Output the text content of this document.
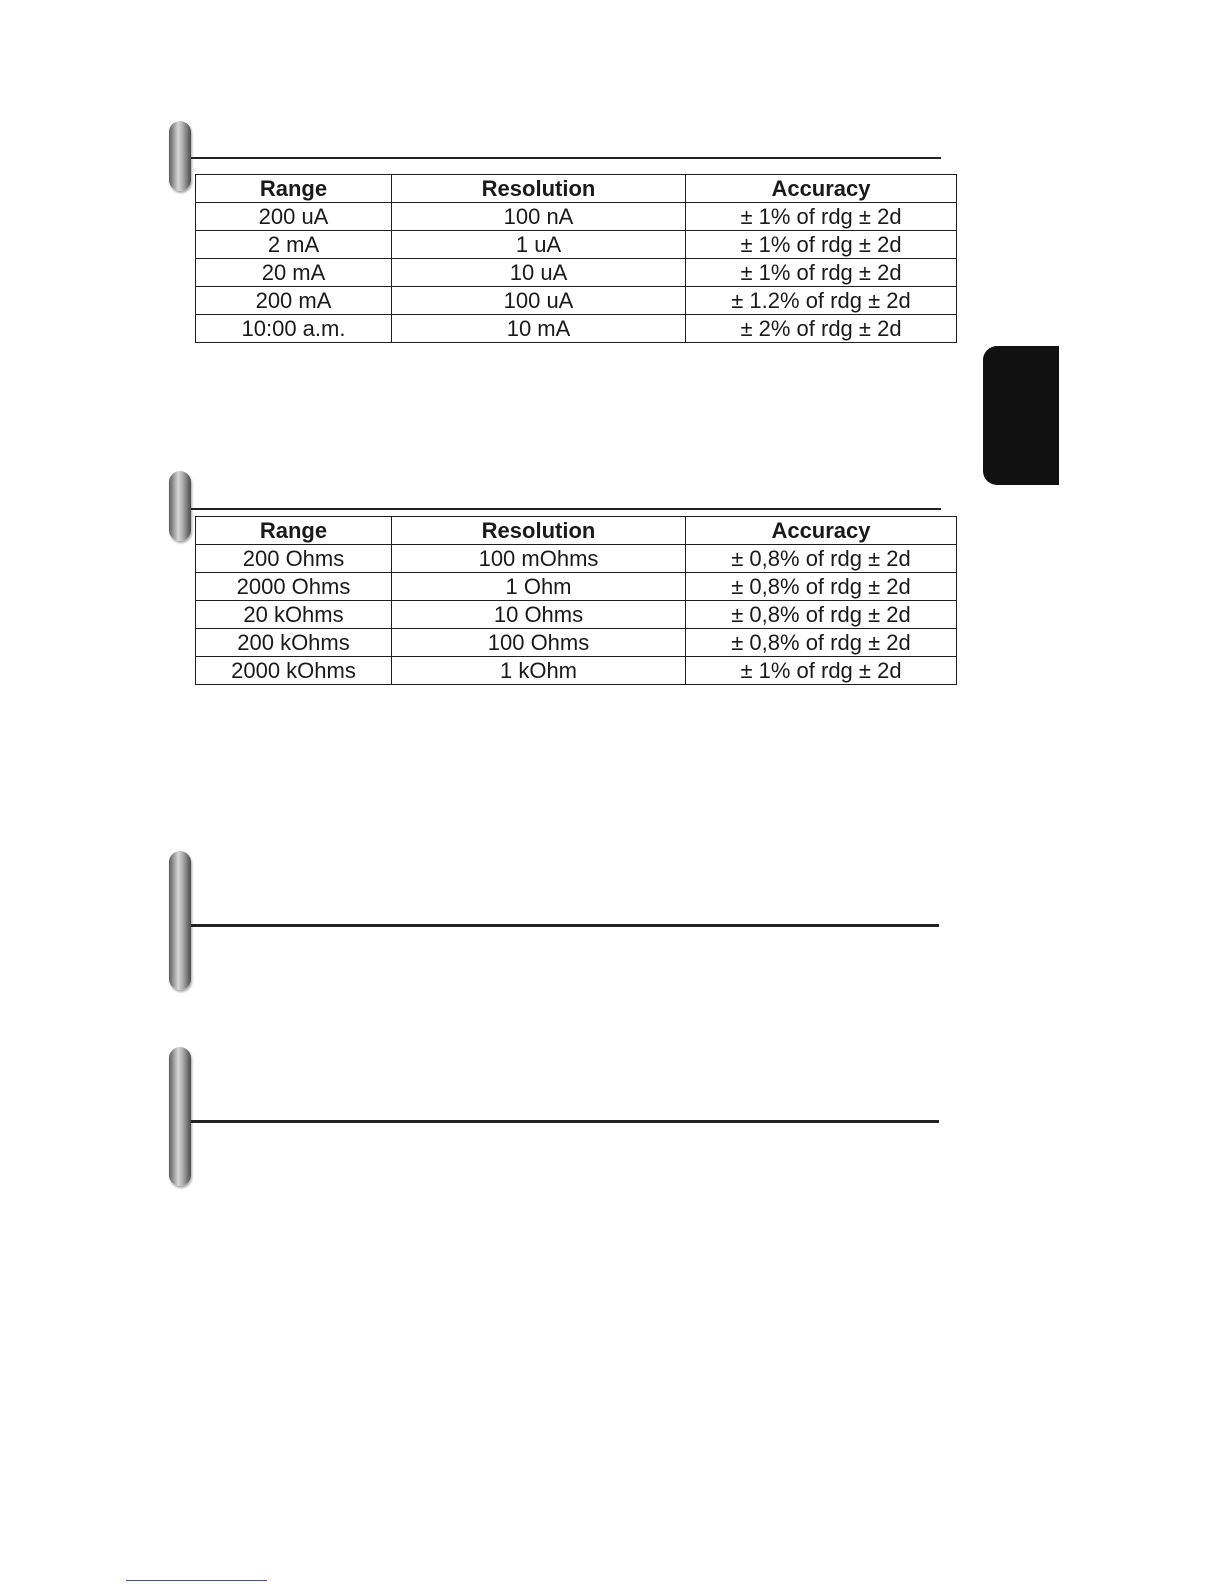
Range	Resolution	Accuracy
200 uA	100 nA	± 1% of rdg ± 2d
2 mA	1 uA	± 1% of rdg ± 2d
20 mA	10 uA	± 1% of rdg ± 2d
200 mA	100 uA	± 1.2% of rdg ± 2d
10:00 a.m.	10 mA	± 2% of rdg ± 2d
Range	Resolution	Accuracy
200 Ohms	100 mOhms	± 0,8% of rdg ± 2d
2000 Ohms	1 Ohm	± 0,8% of rdg ± 2d
20 kOhms	10 Ohms	± 0,8% of rdg ± 2d
200 kOhms	100 Ohms	± 0,8% of rdg ± 2d
2000 kOhms	1 kOhm	± 1% of rdg ± 2d
